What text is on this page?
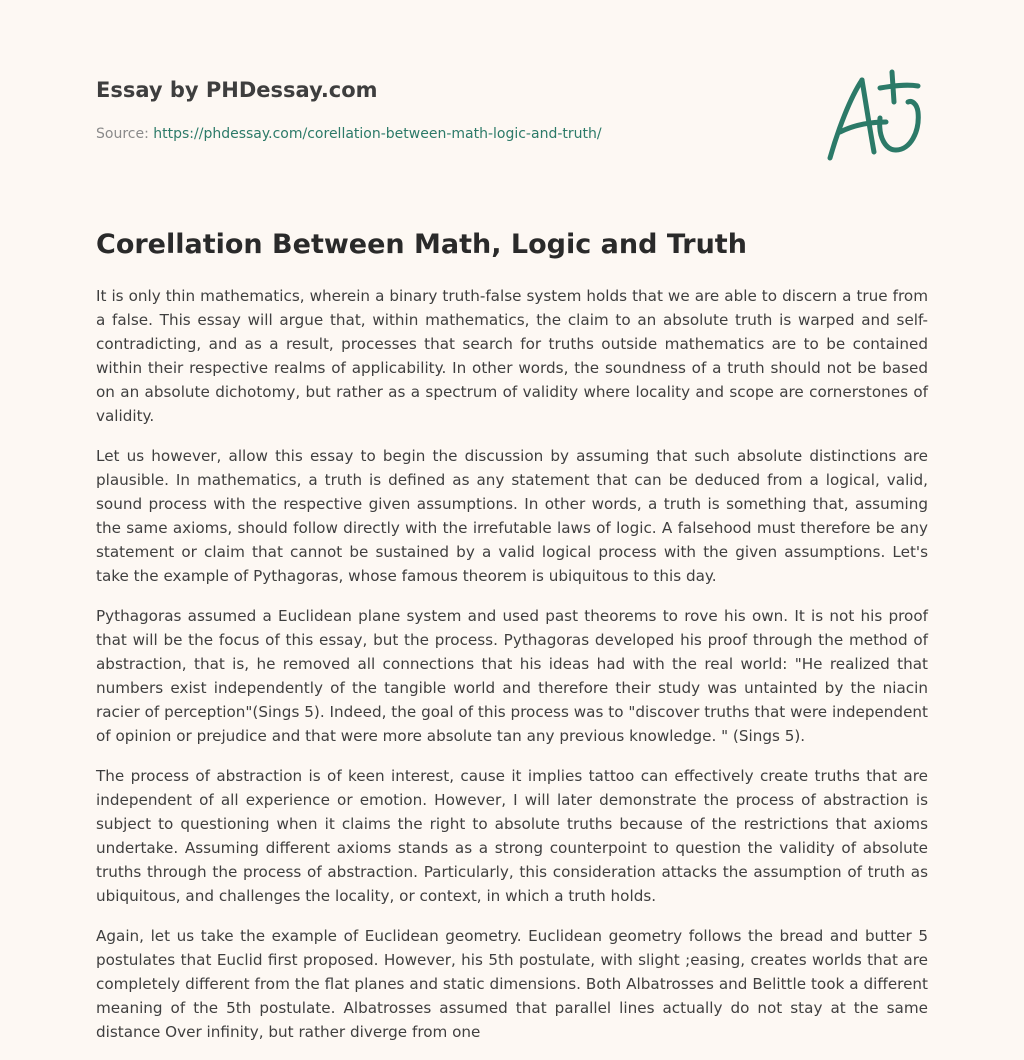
Essay by PHDessay.com
Source: https://phdessay.com/corellation-between-math-logic-and-truth/
Corellation Between Math, Logic and Truth

It is only thin mathematics, wherein a binary truth-false system holds that we are able to discern a true from a false. This essay will argue that, within mathematics, the claim to an absolute truth is warped and self-contradicting, and as a result, processes that search for truths outside mathematics are to be contained within their respective realms of applicability. In other words, the soundness of a truth should not be based on an absolute dichotomy, but rather as a spectrum of validity where locality and scope are cornerstones of validity.

Let us however, allow this essay to begin the discussion by assuming that such absolute distinctions are plausible. In mathematics, a truth is defined as any statement that can be deduced from a logical, valid, sound process with the respective given assumptions. In other words, a truth is something that, assuming the same axioms, should follow directly with the irrefutable laws of logic. A falsehood must therefore be any statement or claim that cannot be sustained by a valid logical process with the given assumptions. Let's take the example of Pythagoras, whose famous theorem is ubiquitous to this day.

Pythagoras assumed a Euclidean plane system and used past theorems to rove his own. It is not his proof that will be the focus of this essay, but the process. Pythagoras developed his proof through the method of abstraction, that is, he removed all connections that his ideas had with the real world: "He realized that numbers exist independently of the tangible world and therefore their study was untainted by the niacin racier of perception"(Sings 5). Indeed, the goal of this process was to "discover truths that were independent of opinion or prejudice and that were more absolute tan any previous knowledge. " (Sings 5).

The process of abstraction is of keen interest, cause it implies tattoo can effectively create truths that are independent of all experience or emotion. However, I will later demonstrate the process of abstraction is subject to questioning when it claims the right to absolute truths because of the restrictions that axioms undertake. Assuming different axioms stands as a strong counterpoint to question the validity of absolute truths through the process of abstraction. Particularly, this consideration attacks the assumption of truth as ubiquitous, and challenges the locality, or context, in which a truth holds.

Again, let us take the example of Euclidean geometry. Euclidean geometry follows the bread and butter 5 postulates that Euclid first proposed. However, his 5th postulate, with slight ;easing, creates worlds that are completely different from the flat planes and static dimensions. Both Albatrosses and Belittle took a different meaning of the 5th postulate. Albatrosses assumed that parallel lines actually do not stay at the same distance Over infinity, but rather diverge from one
